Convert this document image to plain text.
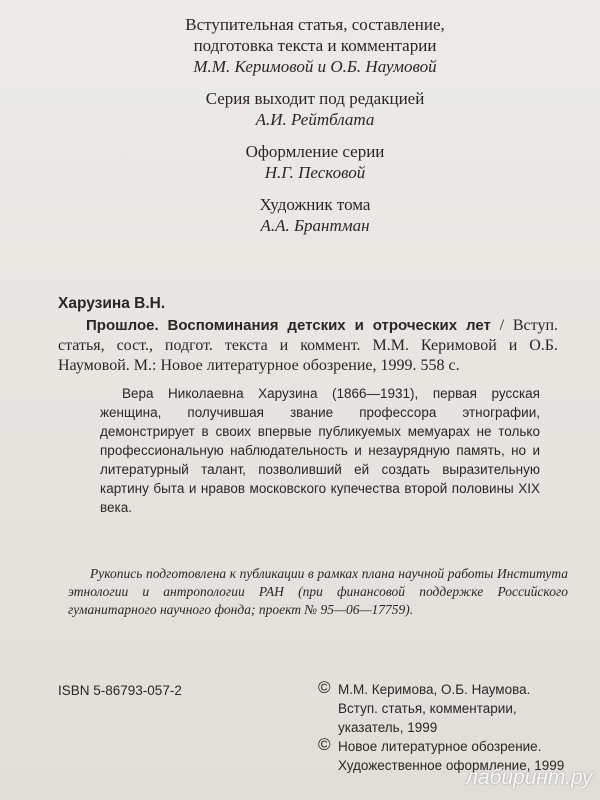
Вступительная статья, составление,
подготовка текста и комментарии
М.М. Керимовой и О.Б. Наумовой
Серия выходит под редакцией
А.И. Рейтблата
Оформление серии
Н.Г. Песковой
Художник тома
А.А. Брантман
Харузина В.Н.
Прошлое. Воспоминания детских и отроческих лет / Вступ. статья, сост., подгот. текста и коммент. М.М. Керимовой и О.Б. Наумовой. М.: Новое литературное обозрение, 1999. 558 с.

Вера Николаевна Харузина (1866—1931), первая русская женщина, получившая звание профессора этнографии, демонстрирует в своих впервые публикуемых мемуарах не только профессиональную наблюдательность и незаурядную память, но и литературный талант, позволивший ей создать выразительную картину быта и нравов московского купечества второй половины XIX века.

Рукопись подготовлена к публикации в рамках плана научной работы Института этнологии и антропологии РАН (при финансовой поддержке Российского гуманитарного научного фонда; проект № 95—06—17759).

ISBN 5-86793-057-2	© М.М. Керимова, О.Б. Наумова.
Вступ. статья, комментарии,
указатель, 1999
© Новое литературное обозрение.
Художественное оформление, 1999
лабиринт.ру
